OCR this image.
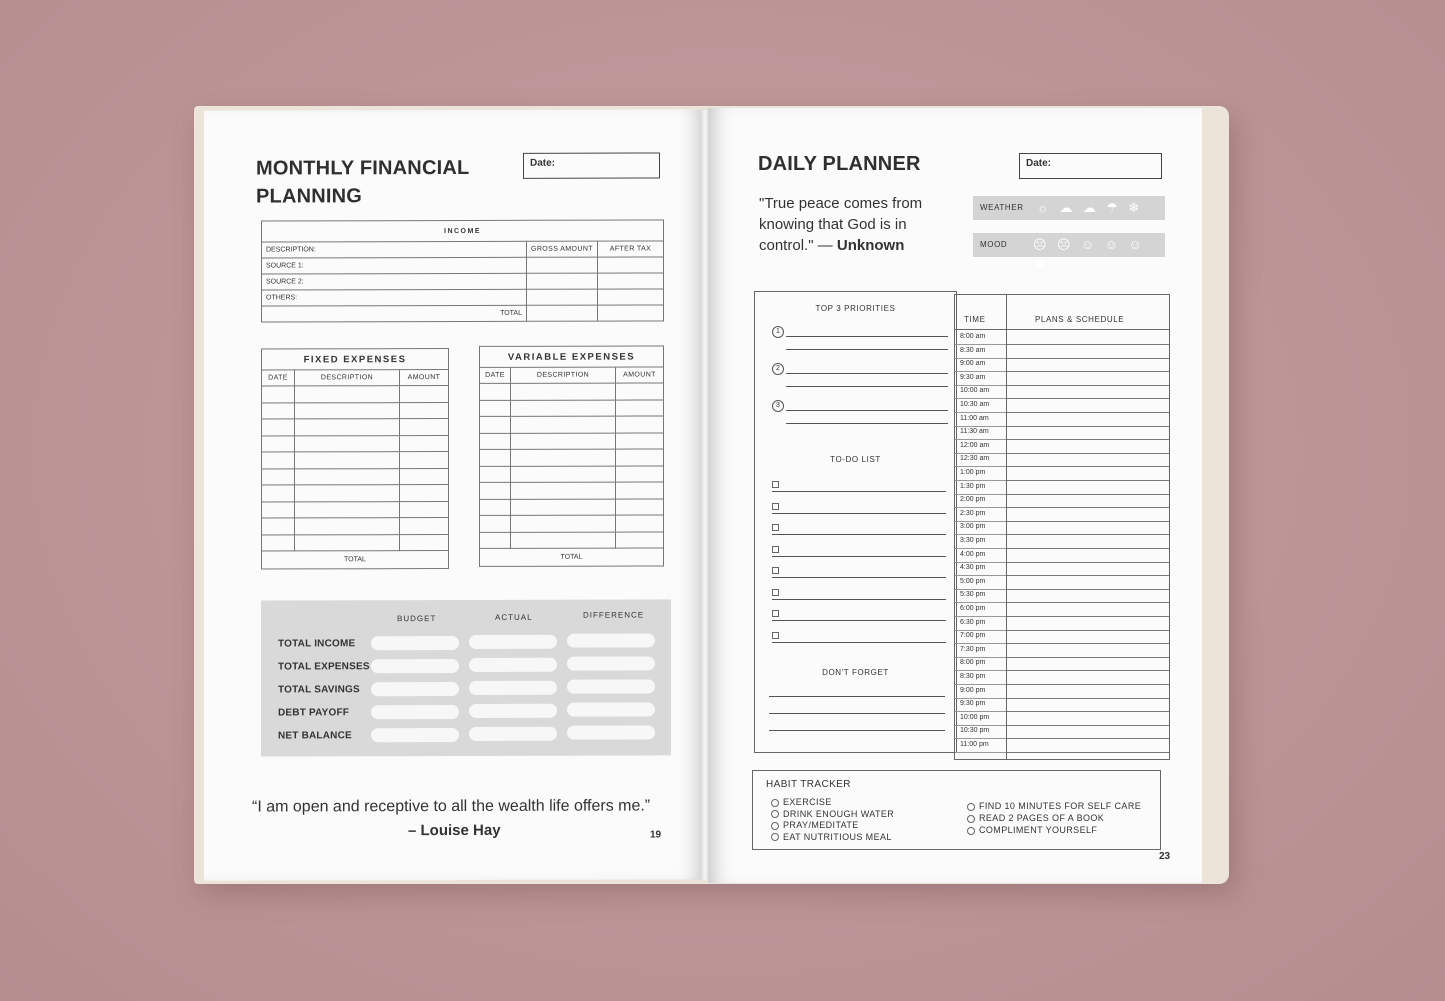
MONTHLY FINANCIAL
PLANNING
Date:
INCOME		
DESCRIPTION:	GROSS AMOUNT	AFTER TAX
SOURCE 1:		
SOURCE 2:		
OTHERS:		
TOTAL		
FIXED EXPENSES		
DATE	DESCRIPTION	AMOUNT

TOTAL		
VARIABLE EXPENSES		
DATE	DESCRIPTION	AMOUNT

TOTAL		
BUDGET	ACTUAL	DIFFERENCE
TOTAL INCOME
TOTAL EXPENSES
TOTAL SAVINGS
DEBT PAYOFF
NET BALANCE
“I am open and receptive to all the wealth life offers me.”
– Louise Hay	19
DAILY PLANNER	Date:
"True peace comes from
knowing that God is in
control." — Unknown
WEATHER	☼ ☁ ☁ ☂ ❄
MOOD	☹ ☹ ☺ ☺ ☺ ☻
TOP 3 PRIORITIES
1
2
3
TO-DO LIST
DON'T FORGET
TIME	PLANS & SCHEDULE
8:00 am
8:30 am
9:00 am
9:30 am
10:00 am
10:30 am
11:00 am
11:30 am
12:00 am
12:30 am
1:00 pm
1:30 pm
2:00 pm
2:30 pm
3:00 pm
3:30 pm
4:00 pm
4:30 pm
5:00 pm
5:30 pm
6:00 pm
6:30 pm
7:00 pm
7:30 pm
8:00 pm
8:30 pm
9:00 pm
9:30 pm
10:00 pm
10:30 pm
11:00 pm
HABIT TRACKER
EXERCISE
DRINK ENOUGH WATER
PRAY/MEDITATE
EAT NUTRITIOUS MEAL
FIND 10 MINUTES FOR SELF CARE
READ 2 PAGES OF A BOOK
COMPLIMENT YOURSELF
23
